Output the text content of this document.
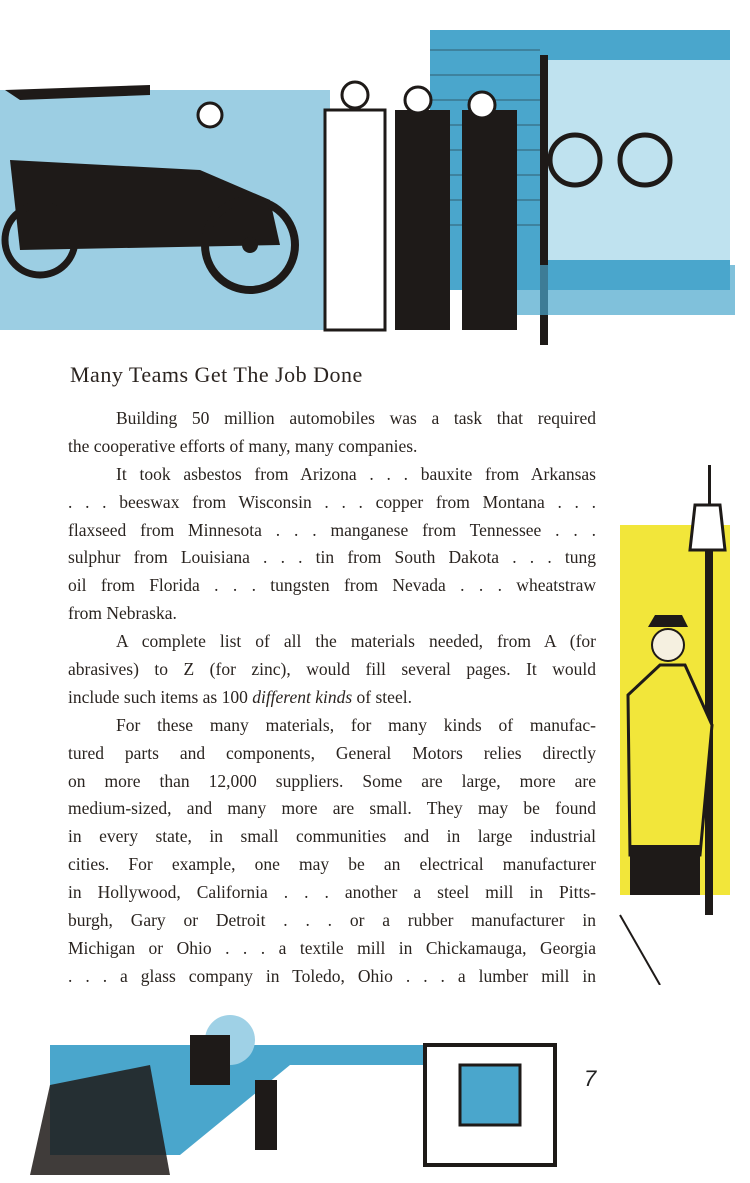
Many Teams Get The Job Done
Building 50 million automobiles was a task that required
the cooperative efforts of many, many companies.
It took asbestos from Arizona . . . bauxite from Arkansas
. . . beeswax from Wisconsin . . . copper from Montana . . .
flaxseed from Minnesota . . . manganese from Tennessee . . .
sulphur from Louisiana . . . tin from South Dakota . . . tung
oil from Florida . . . tungsten from Nevada . . . wheatstraw
from Nebraska.
A complete list of all the materials needed, from A (for
abrasives) to Z (for zinc), would fill several pages. It would
include such items as 100 different kinds of steel.
For these many materials, for many kinds of manufac-
tured parts and components, General Motors relies directly
on more than 12,000 suppliers. Some are large, more are
medium-sized, and many more are small. They may be found
in every state, in small communities and in large industrial
cities. For example, one may be an electrical manufacturer
in Hollywood, California . . . another a steel mill in Pitts-
burgh, Gary or Detroit . . . or a rubber manufacturer in
Michigan or Ohio . . . a textile mill in Chickamauga, Georgia
. . . a glass company in Toledo, Ohio . . . a lumber mill in
7
